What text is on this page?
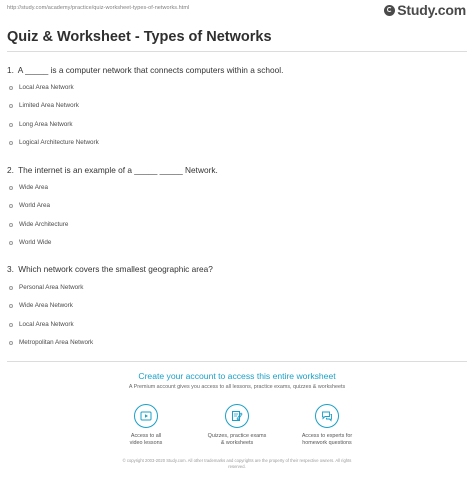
http://study.com/academy/practice/quiz-worksheet-types-of-networks.html	Study.com
Quiz & Worksheet - Types of Networks
1. A _____ is a computer network that connects computers within a school.
Local Area Network
Limited Area Network
Long Area Network
Logical Architecture Network
2. The internet is an example of a _____ _____ Network.
Wide Area
World Area
Wide Architecture
World Wide
3. Which network covers the smallest geographic area?
Personal Area Network
Wide Area Network
Local Area Network
Metropolitan Area Network

Create your account to access this entire worksheet

A Premium account gives you access to all lessons, practice exams, quizzes & worksheets
Access to all
video lessons
Quizzes, practice exams
& worksheets
Access to experts for
homework questions
© copyright 2003-2020 Study.com. All other trademarks and copyrights are the property of their respective owners. All rights
reserved.
